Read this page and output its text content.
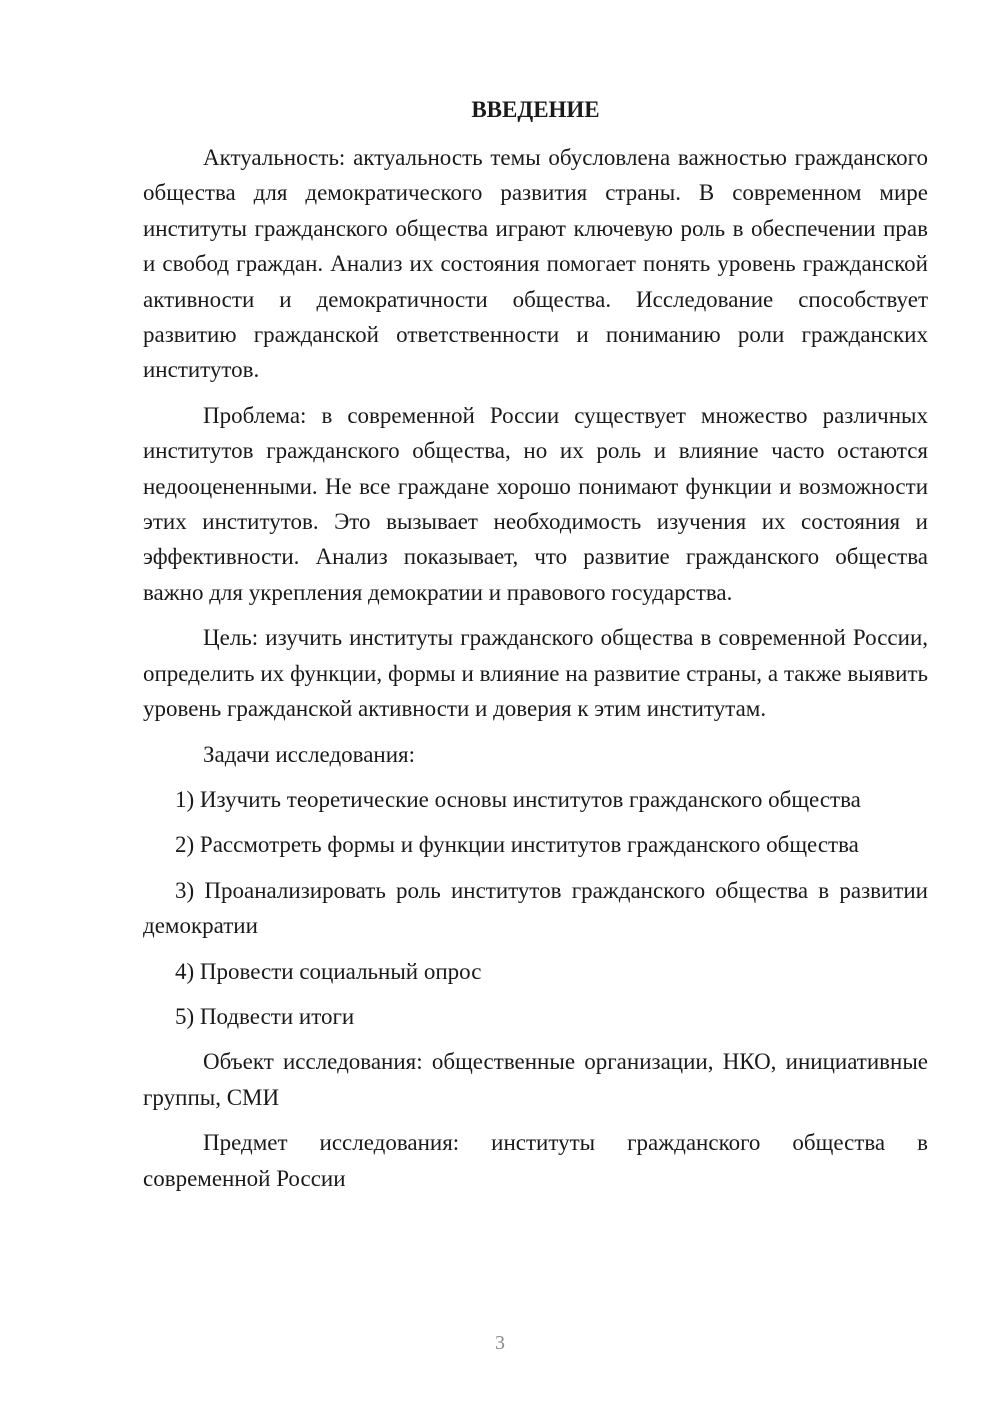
ВВЕДЕНИЕ

Актуальность: актуальность темы обусловлена важностью гражданского общества для демократического развития страны. В современном мире институты гражданского общества играют ключевую роль в обеспечении прав и свобод граждан. Анализ их состояния помогает понять уровень гражданской активности и демократичности общества. Исследование способствует развитию гражданской ответственности и пониманию роли гражданских институтов.

Проблема: в современной России существует множество различных институтов гражданского общества, но их роль и влияние часто остаются недооцененными. Не все граждане хорошо понимают функции и возможности этих институтов. Это вызывает необходимость изучения их состояния и эффективности. Анализ показывает, что развитие гражданского общества важно для укрепления демократии и правового государства.

Цель: изучить институты гражданского общества в современной России, определить их функции, формы и влияние на развитие страны, а также выявить уровень гражданской активности и доверия к этим институтам.

Задачи исследования:

1) Изучить теоретические основы институтов гражданского общества

2) Рассмотреть формы и функции институтов гражданского общества

3) Проанализировать роль институтов гражданского общества в развитии демократии

4) Провести социальный опрос

5) Подвести итоги

Объект исследования: общественные организации, НКО, инициативные группы, СМИ

Предмет исследования: институты гражданского общества в современной России

3
